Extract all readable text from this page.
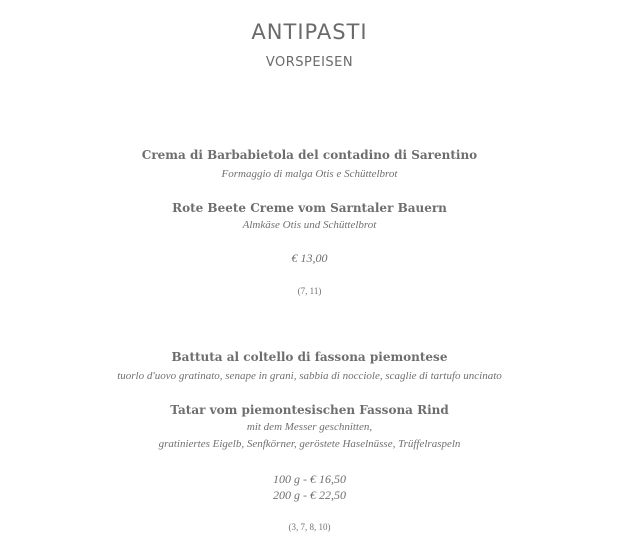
ANTIPASTI
VORSPEISEN
Crema di Barbabietola del contadino di Sarentino
Formaggio di malga Otis e Schüttelbrot
Rote Beete Creme vom Sarntaler Bauern
Almkäse Otis und Schüttelbrot
€ 13,00
(7, 11)
Battuta al coltello di fassona piemontese
tuorlo d'uovo gratinato, senape in grani, sabbia di nocciole, scaglie di tartufo uncinato
Tatar vom piemontesischen Fassona Rind
mit dem Messer geschnitten,
gratiniertes Eigelb, Senfkörner, geröstete Haselnüsse, Trüffelraspeln
100 g - € 16,50
200 g - € 22,50
(3, 7, 8, 10)
